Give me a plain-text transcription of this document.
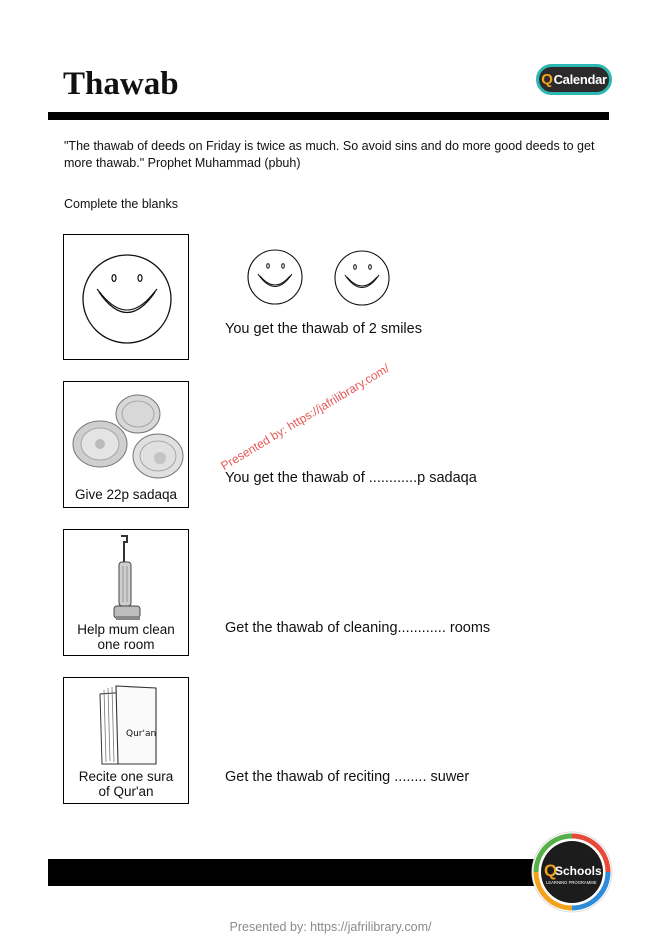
Thawab	Q Calendar
"The thawab of deeds on Friday is twice as much. So avoid sins and do more good deeds to get more thawab." Prophet Muhammad (pbuh)
Complete the blanks
You get the thawab of 2 smiles
Give 22p sadaqa
You get the thawab of ............p sadaqa
Help mum clean
one room
Get the thawab of cleaning............ rooms
Qur'an
Recite one sura
of Qur'an
Get the thawab of reciting ........ suwer
Presented by: https://jafrilibrary.com/
Q
Schools
LEARNING PROGRAMME
Presented by: https://jafrilibrary.com/
